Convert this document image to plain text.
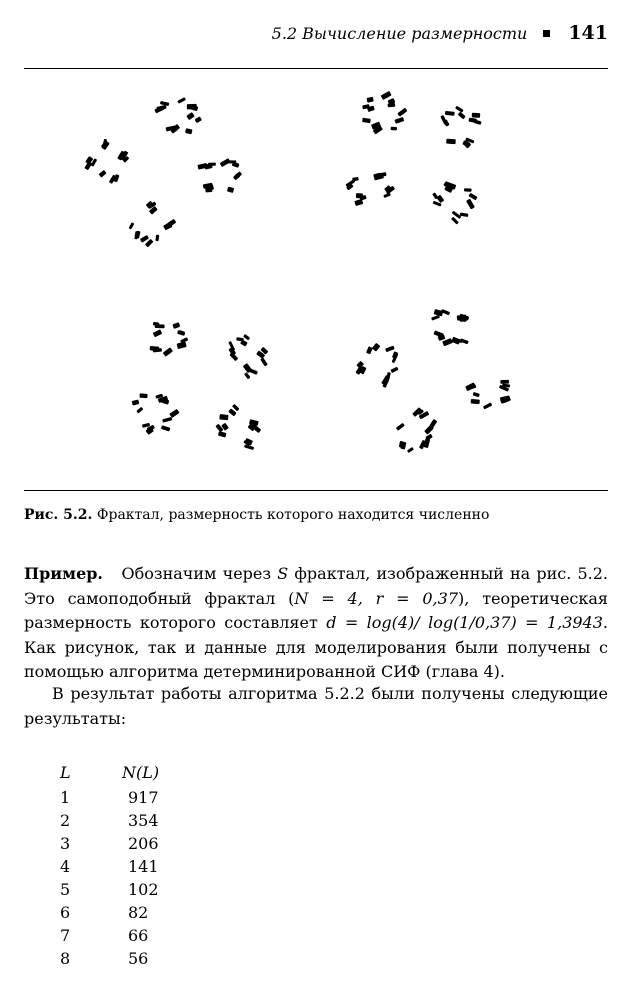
5.2 Вычисление размерности 141
Рис. 5.2. Фрактал, размерность которого находится численно
Пример. Обозначим через S фрактал, изображенный на рис. 5.2. Это самоподобный фрактал (N = 4, r = 0,37), теоретическая размерность которого составляет d = log(4)/ log(1/0,37) = 1,3943. Как рисунок, так и данные для моделирования были получены с помощью алгоритма детерминированной СИФ (глава 4).
В результат работы алгоритма 5.2.2 были получены следующие результаты:
L	N(L)
1	917
2	354
3	206
4	141
5	102
6	82
7	66
8	56
